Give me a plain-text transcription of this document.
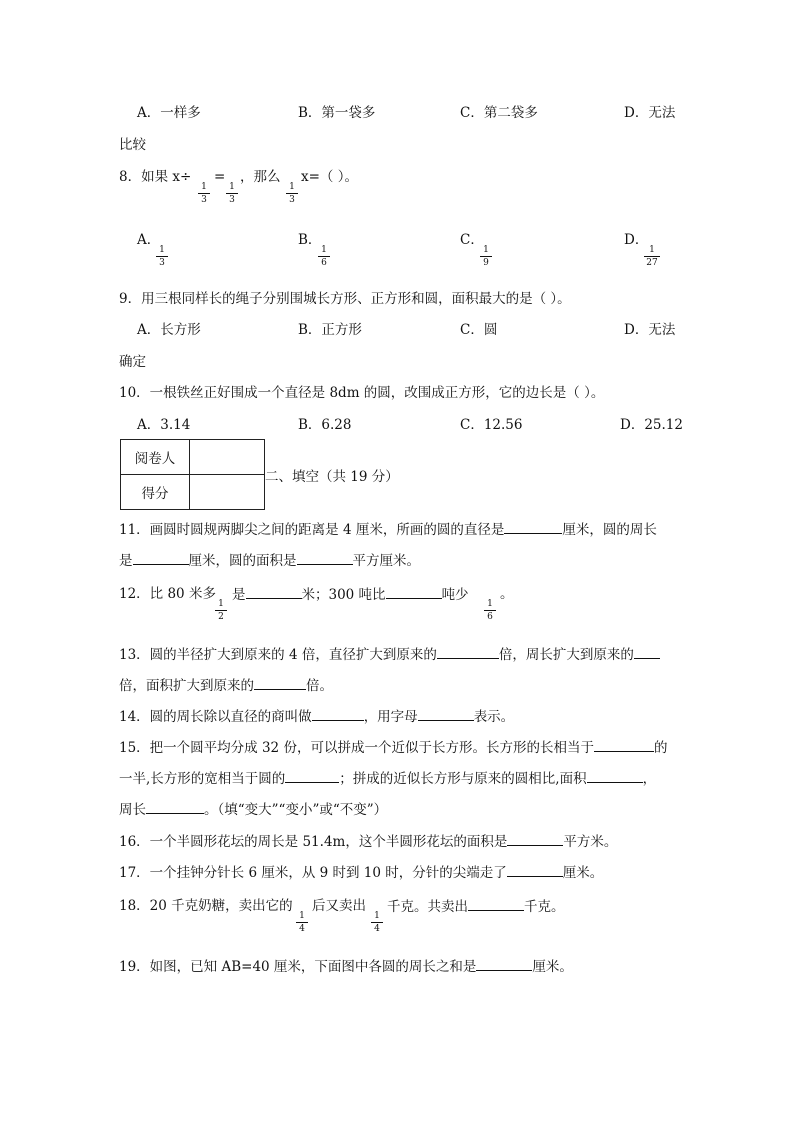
A．一样多	B．第一袋多	C．第二袋多	D．无法
比较
8．如果 x÷
$\frac{1}{3}$
=
$\frac{1}{3}$
，那么
$\frac{1}{3}$
x=（ ）。
A．
$\frac{1}{3}$
B．
$\frac{1}{6}$
C．
$\frac{1}{9}$
D．
$\frac{1}{27}$
9．用三根同样长的绳子分别围城长方形、正方形和圆，面积最大的是（ ）。
A．长方形	B．正方形	C．圆	D．无法
确定
10．一根铁丝正好围成一个直径是 8dm 的圆，改围成正方形，它的边长是（ ）。
A．3.14	B．6.28	C．12.56	D．25.12
阅卷人	
得分	
二、填空（共 19 分）
11．画圆时圆规两脚尖之间的距离是 4 厘米，所画的圆的直径是	厘米，圆的周长
是	厘米，圆的面积是	平方厘米。
12．比 80 米多
$\frac{1}{2}$
是	米；300 吨比	吨少
$\frac{1}{6}$
。
13．圆的半径扩大到原来的 4 倍，直径扩大到原来的	倍，周长扩大到原来的
倍，面积扩大到原来的	倍。
14．圆的周长除以直径的商叫做	，用字母	表示。
15．把一个圆平均分成 32 份，可以拼成一个近似于长方形。长方形的长相当于	的
一半,长方形的宽相当于圆的	；拼成的近似长方形与原来的圆相比,面积	，
周长	。（填“变大”“变小”或“不变”）
16．一个半圆形花坛的周长是 51.4m，这个半圆形花坛的面积是	平方米。
17．一个挂钟分针长 6 厘米，从 9 时到 10 时，分针的尖端走了	厘米。
18．20 千克奶糖，卖出它的
$\frac{1}{4}$
后又卖出
$\frac{1}{4}$
千克。共卖出	千克。
19．如图，已知 AB=40 厘米，下面图中各圆的周长之和是	厘米。
